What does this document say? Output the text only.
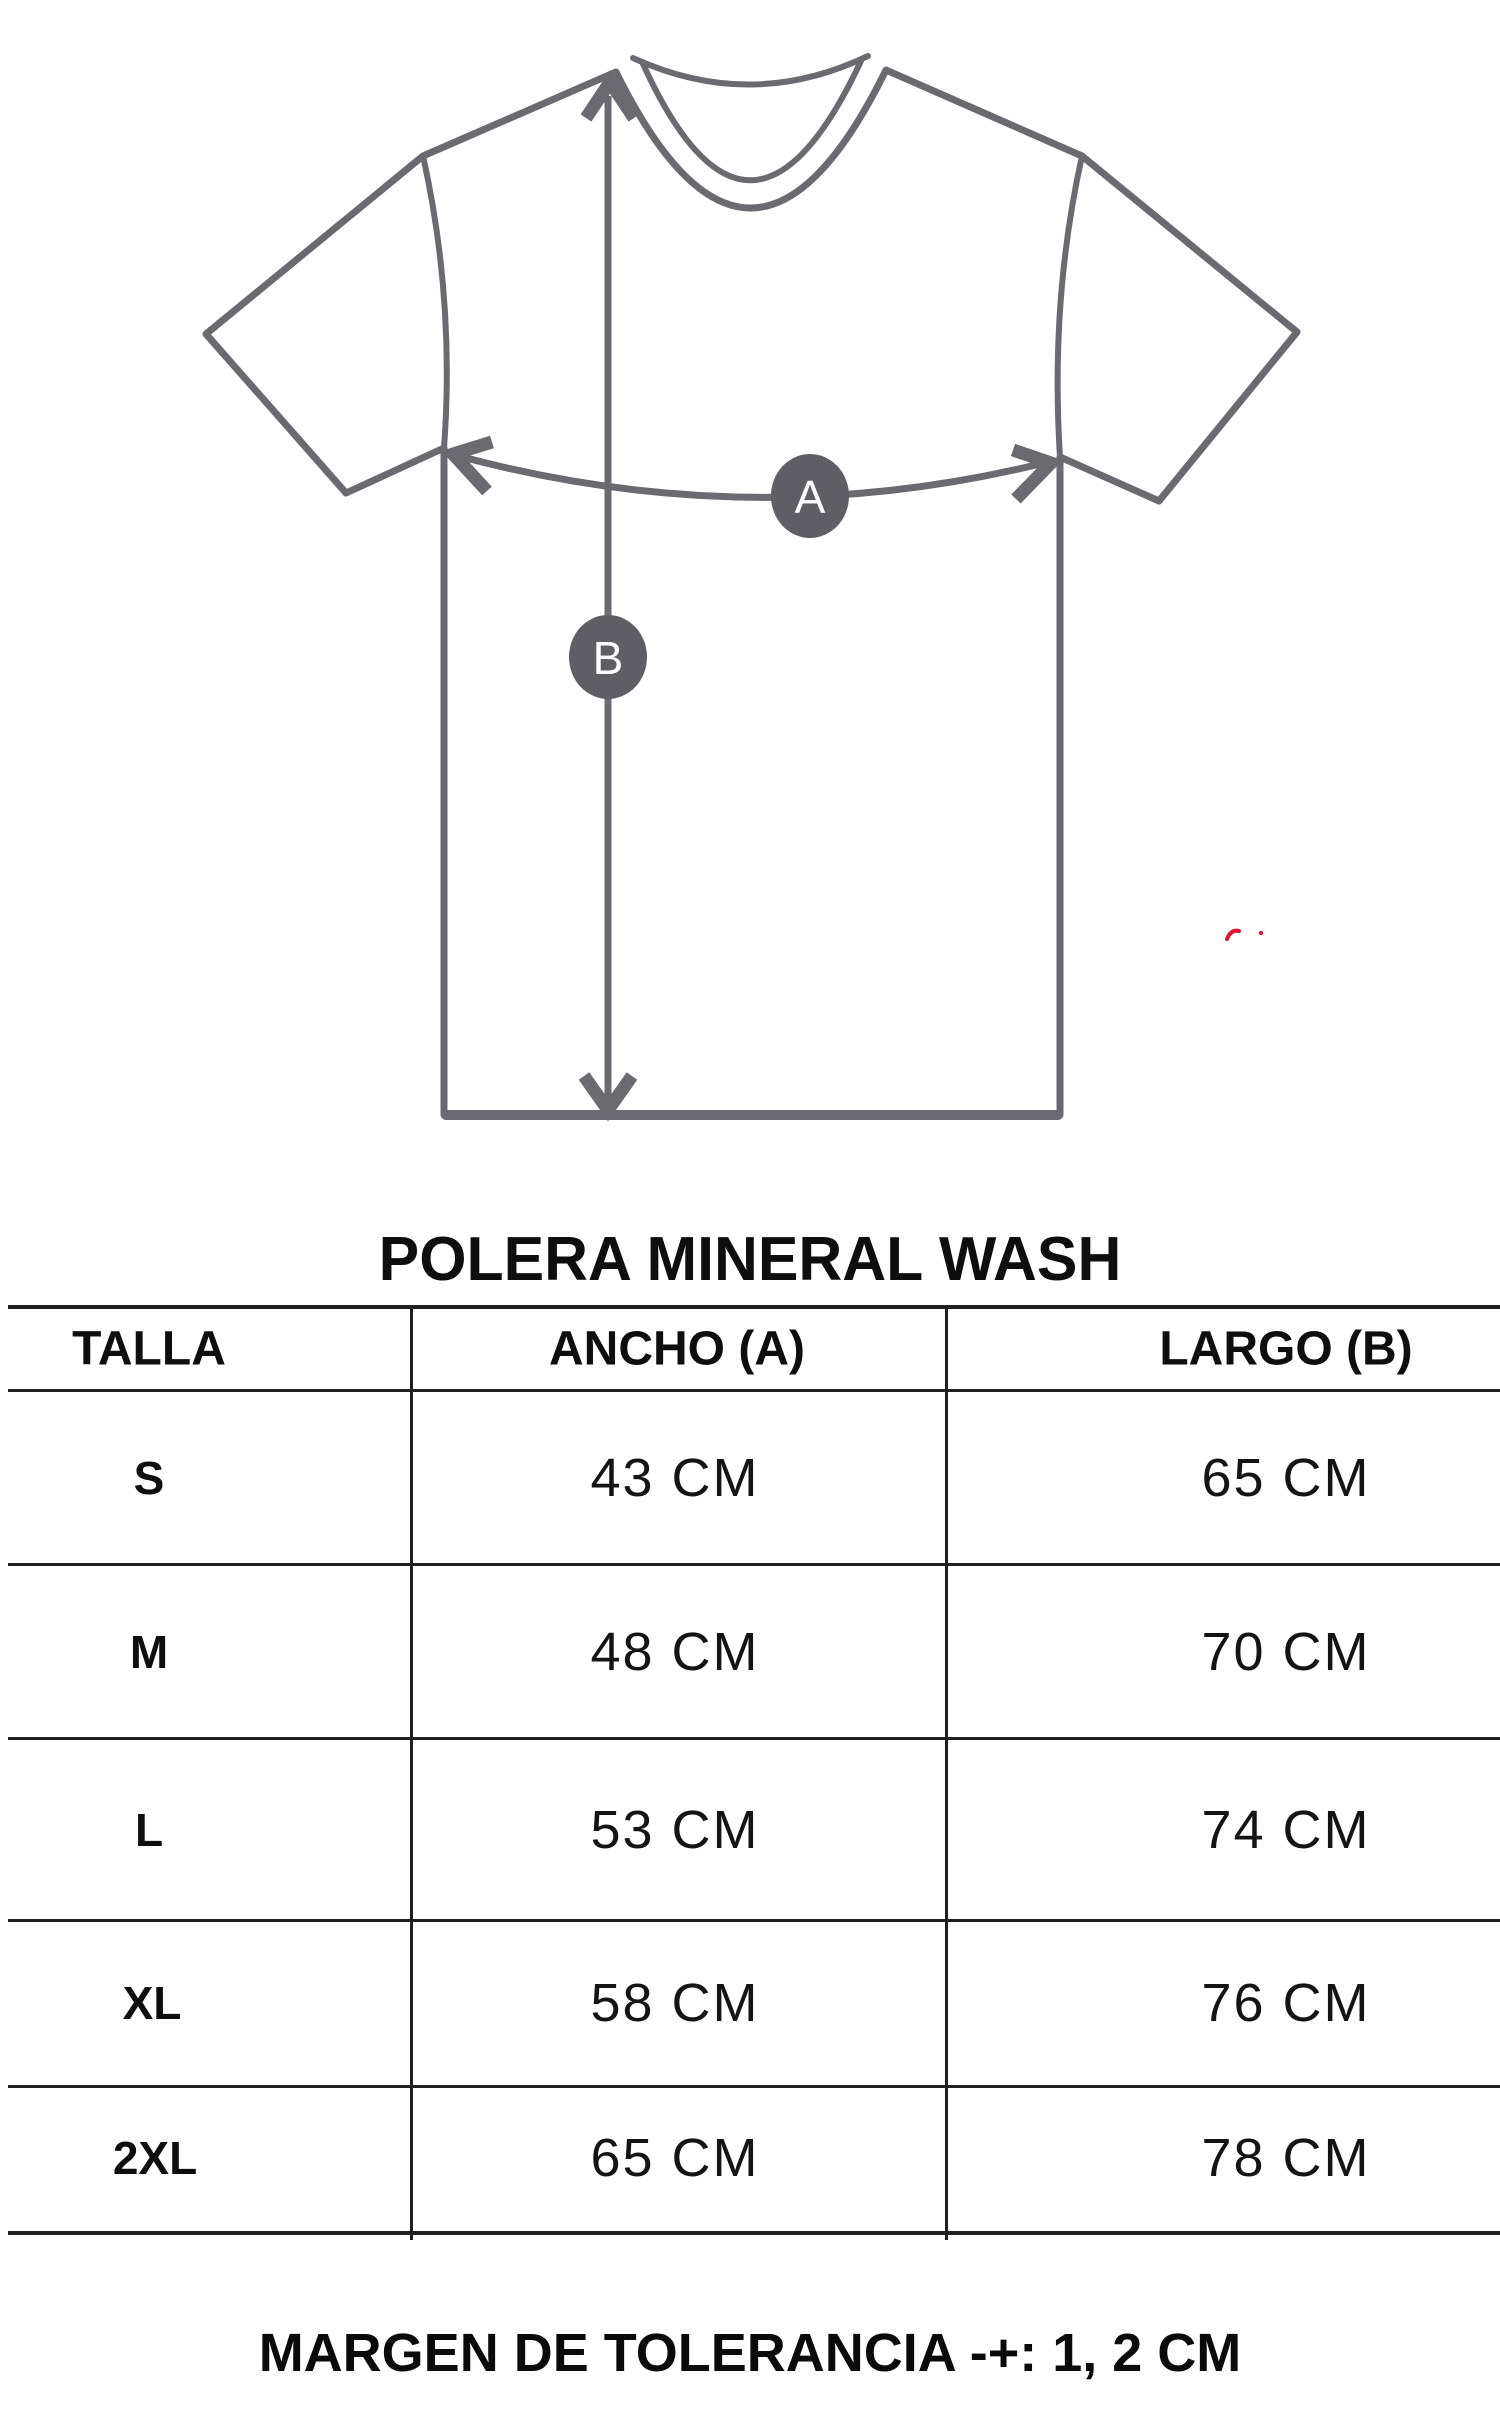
A
B
POLERA MINERAL WASH
TALLA	ANCHO (A)	LARGO (B)
S	43 CM	65 CM
M	48 CM	70 CM
L	53 CM	74 CM
XL	58 CM	76 CM
2XL	65 CM	78 CM
MARGEN DE TOLERANCIA -+: 1, 2 CM
